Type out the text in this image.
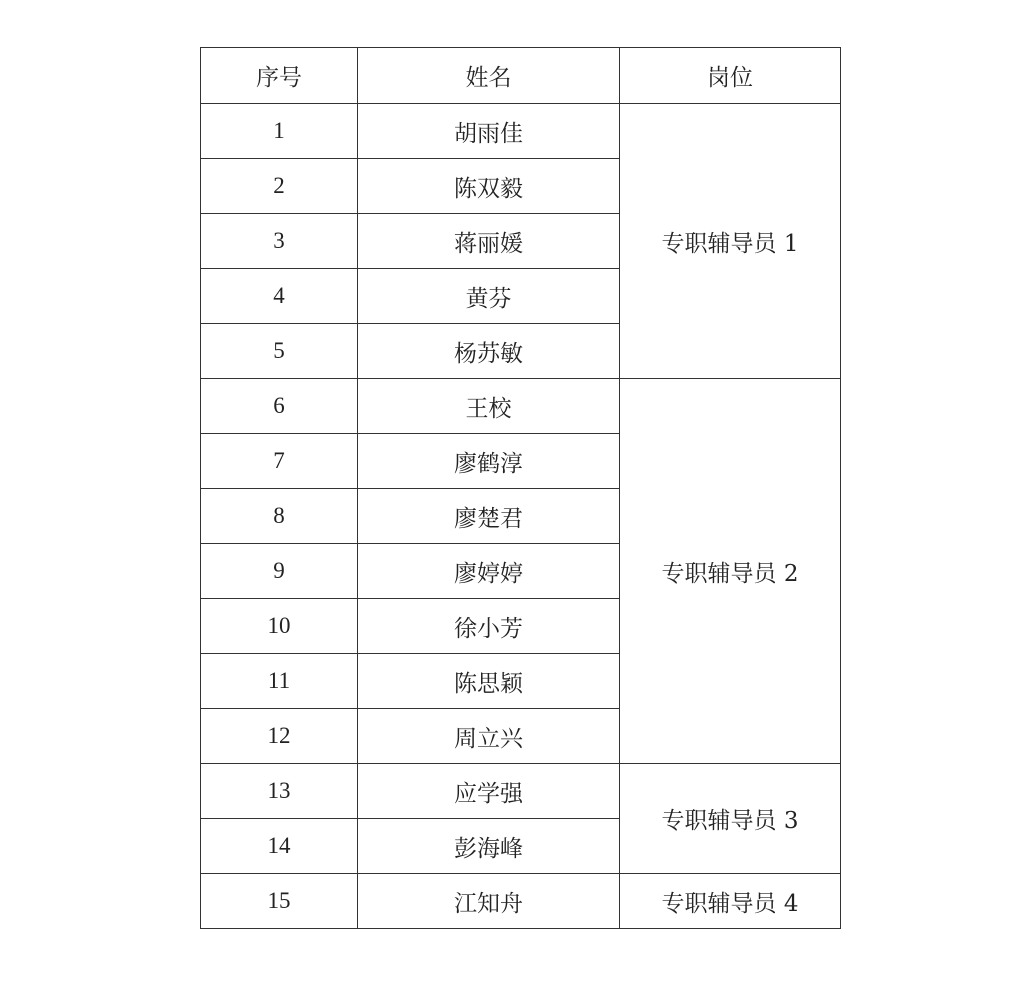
序号	姓名	岗位
1	胡雨佳	专职辅导员 1
2	陈双毅	
3	蒋丽媛	
4	黄芬	
5	杨苏敏	
6	王校	专职辅导员 2
7	廖鹤淳	
8	廖楚君	
9	廖婷婷	
10	徐小芳	
11	陈思颖	
12	周立兴	
13	应学强	专职辅导员 3
14	彭海峰	
15	江知舟	专职辅导员 4
